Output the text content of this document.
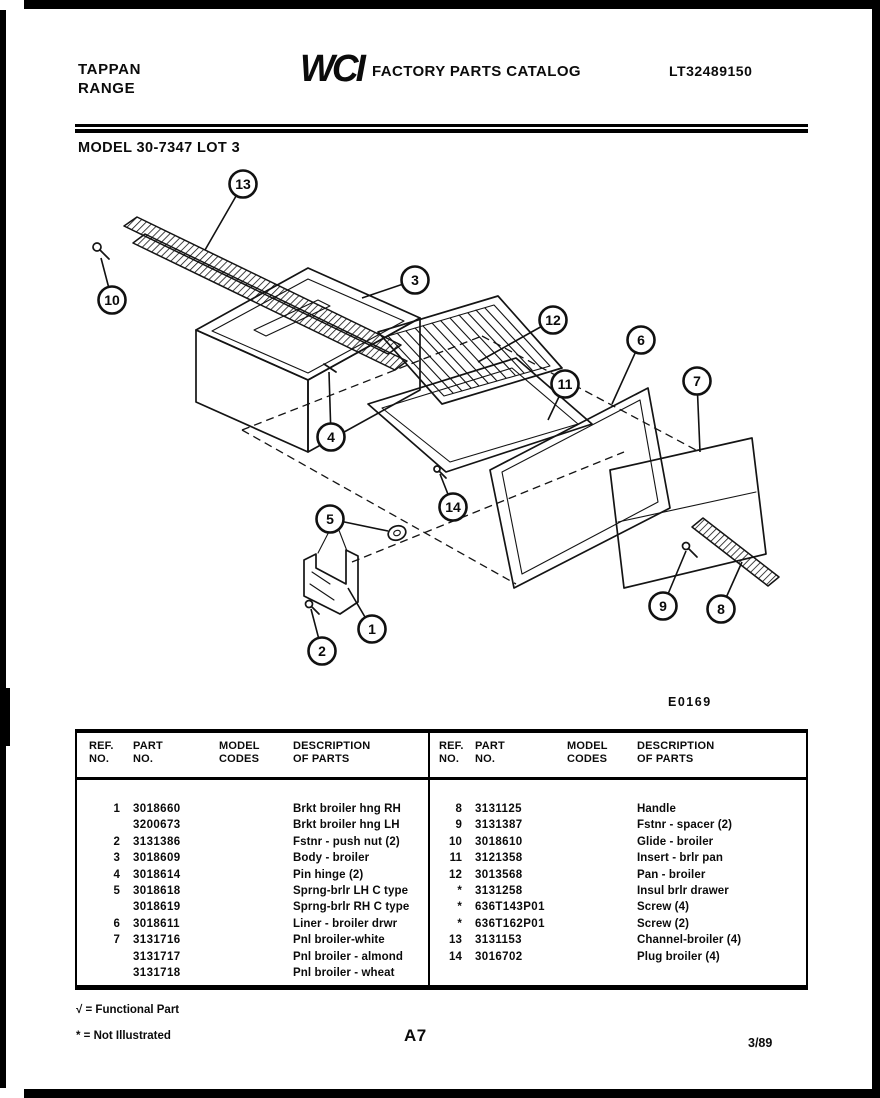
TAPPAN
RANGE	WCI FACTORY PARTS CATALOG	LT32489150
MODEL 30-7347 LOT 3
13
10
3
12
6
11	7
4
5
14
1
2
9	8
E0169
REF.
NO.
PART
NO.
MODEL
CODES
DESCRIPTION
OF PARTS
1	3018660	Brkt broiler hng RH
3200673	Brkt broiler hng LH
2	3131386	Fstnr - push nut (2)
3	3018609	Body - broiler
4	3018614	Pin hinge (2)
5	3018618	Sprng-brlr LH C type
3018619	Sprng-brlr RH C type
6	3018611	Liner - broiler drwr
7	3131716	Pnl broiler-white
3131717	Pnl broiler - almond
3131718	Pnl broiler - wheat
REF.
NO.
PART
NO.
MODEL
CODES
DESCRIPTION
OF PARTS
8	3131125	Handle
9	3131387	Fstnr - spacer (2)
10	3018610	Glide - broiler
11	3121358	Insert - brlr pan
12	3013568	Pan - broiler
*	3131258	Insul brlr drawer
*	636T143P01	Screw (4)
*	636T162P01	Screw (2)
13	3131153	Channel-broiler (4)
14	3016702	Plug broiler (4)
√ = Functional Part
* = Not Illustrated	A7	3/89
